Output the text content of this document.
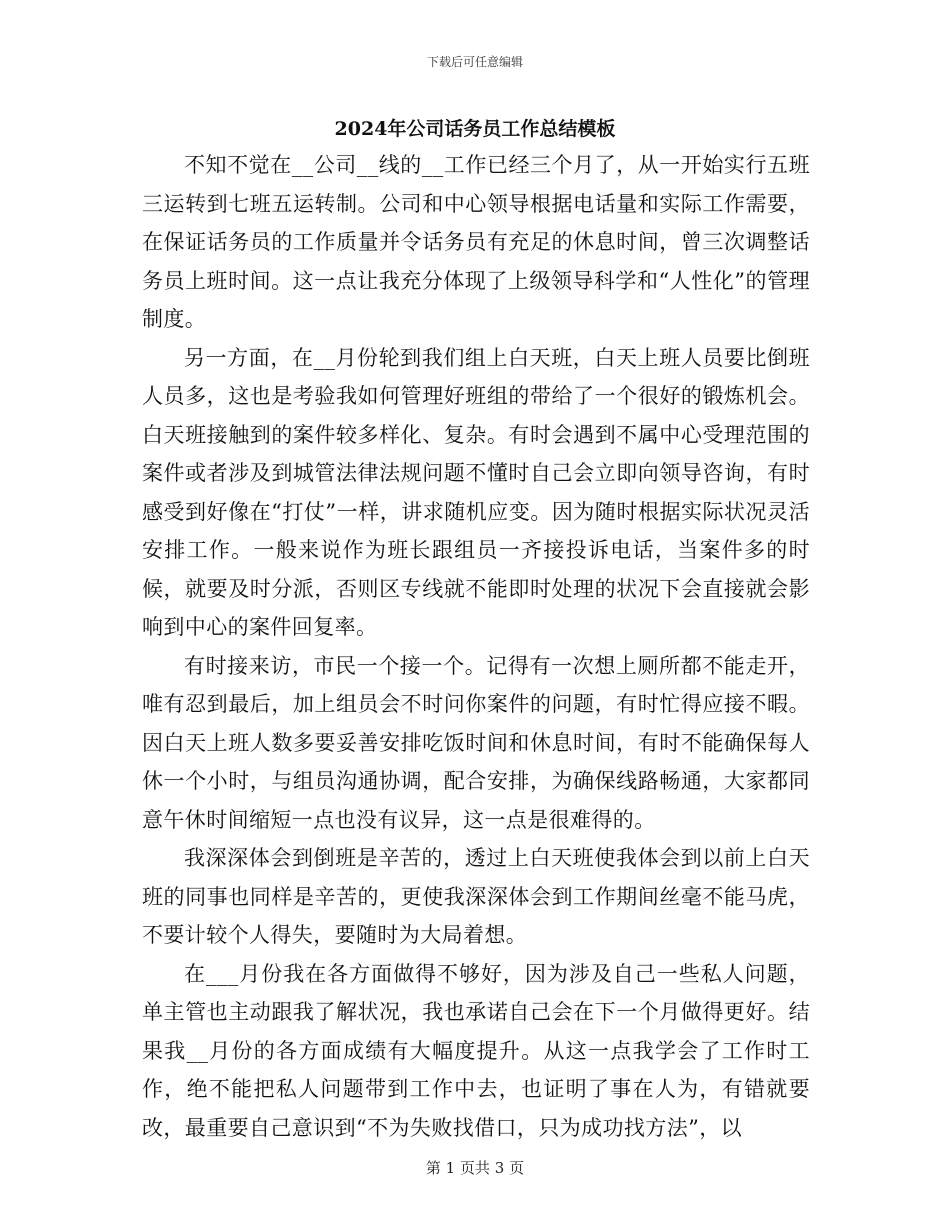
下载后可任意编辑
2024年公司话务员工作总结模板

不知不觉在__公司__线的__工作已经三个月了，从一开始实行五班三运转到七班五运转制。公司和中心领导根据电话量和实际工作需要，在保证话务员的工作质量并令话务员有充足的休息时间，曾三次调整话务员上班时间。这一点让我充分体现了上级领导科学和“人性化”的管理制度。

另一方面，在__月份轮到我们组上白天班，白天上班人员要比倒班人员多，这也是考验我如何管理好班组的带给了一个很好的锻炼机会。白天班接触到的案件较多样化、复杂。有时会遇到不属中心受理范围的案件或者涉及到城管法律法规问题不懂时自己会立即向领导咨询，有时感受到好像在“打仗”一样，讲求随机应变。因为随时根据实际状况灵活安排工作。一般来说作为班长跟组员一齐接投诉电话，当案件多的时候，就要及时分派，否则区专线就不能即时处理的状况下会直接就会影响到中心的案件回复率。

有时接来访，市民一个接一个。记得有一次想上厕所都不能走开，唯有忍到最后，加上组员会不时问你案件的问题，有时忙得应接不暇。因白天上班人数多要妥善安排吃饭时间和休息时间，有时不能确保每人休一个小时，与组员沟通协调，配合安排，为确保线路畅通，大家都同意午休时间缩短一点也没有议异，这一点是很难得的。

我深深体会到倒班是辛苦的，透过上白天班使我体会到以前上白天班的同事也同样是辛苦的，更使我深深体会到工作期间丝毫不能马虎，不要计较个人得失，要随时为大局着想。

在___月份我在各方面做得不够好，因为涉及自己一些私人问题，单主管也主动跟我了解状况，我也承诺自己会在下一个月做得更好。结果我__月份的各方面成绩有大幅度提升。从这一点我学会了工作时工作，绝不能把私人问题带到工作中去，也证明了事在人为，有错就要改，最重要自己意识到“不为失败找借口，只为成功找方法”，以

第 1 页共 3 页
